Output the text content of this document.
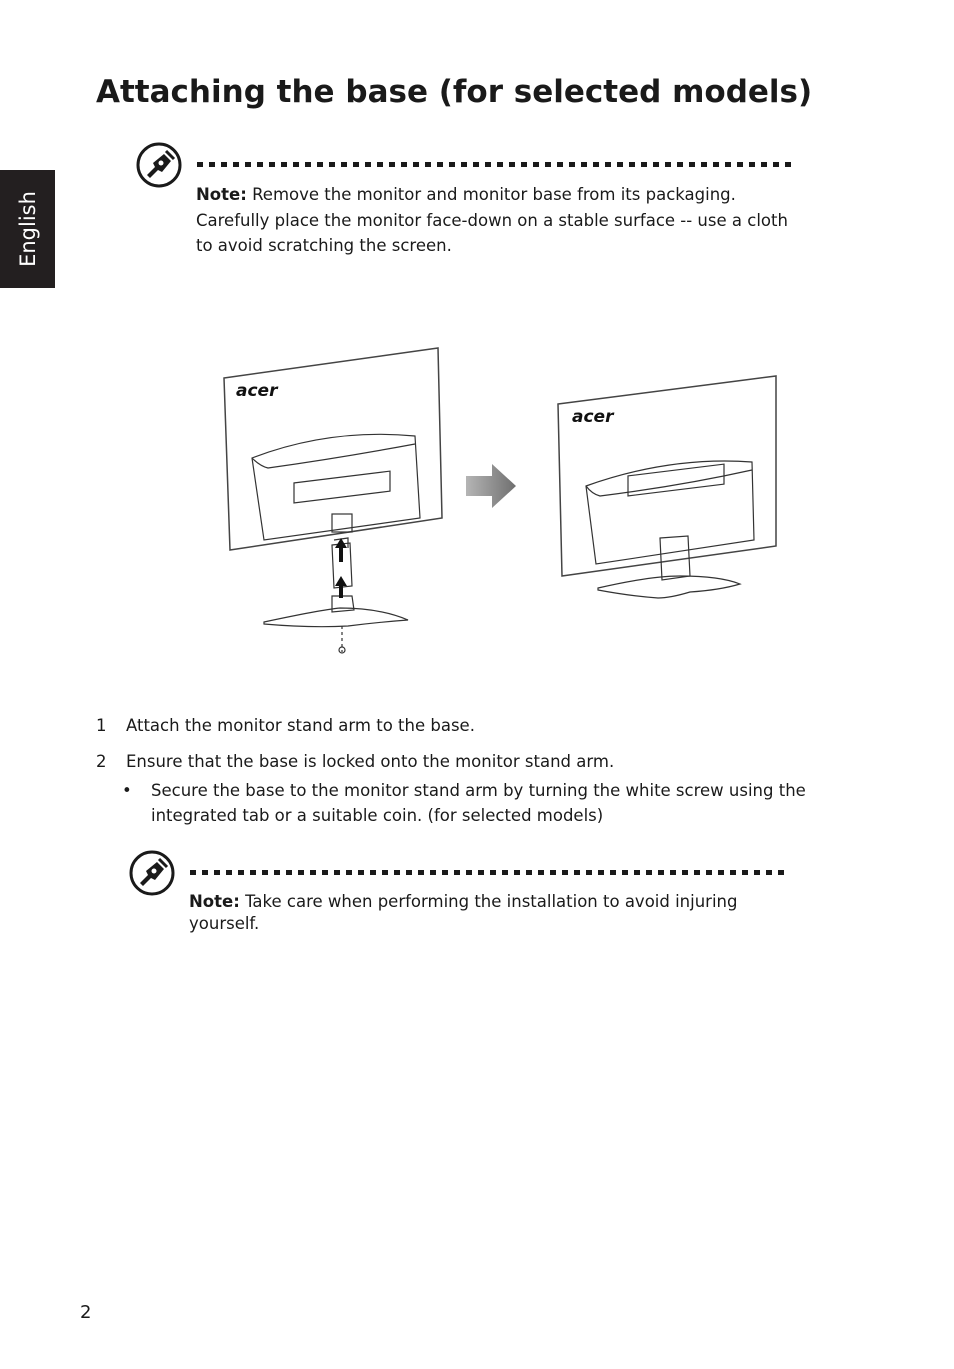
English
Attaching the base (for selected models)

Note: Remove the monitor and monitor base from its packaging. Carefully place the monitor face-down on a stable surface -- use a cloth to avoid scratching the screen.

acer
acer
1 Attach the monitor stand arm to the base.
2 Ensure that the base is locked onto the monitor stand arm.
• Secure the base to the monitor stand arm by turning the white screw using the integrated tab or a suitable coin. (for selected models)

Note: Take care when performing the installation to avoid injuring yourself.

2
